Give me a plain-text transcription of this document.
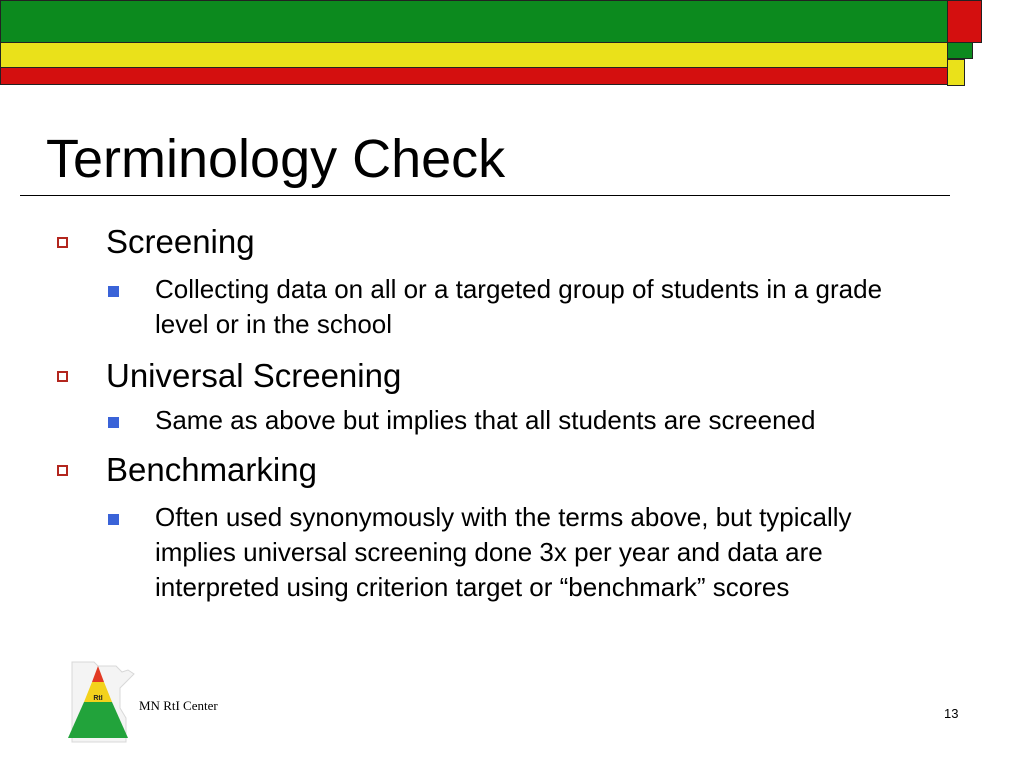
Terminology Check
Screening
Collecting data on all or a targeted group of students in a grade level or in the school
Universal Screening
Same as above but implies that all students are screened
Benchmarking
Often used synonymously with the terms above, but typically implies universal screening done 3x per year and data are interpreted using criterion target or “benchmark” scores
RtI	MN RtI Center
13
